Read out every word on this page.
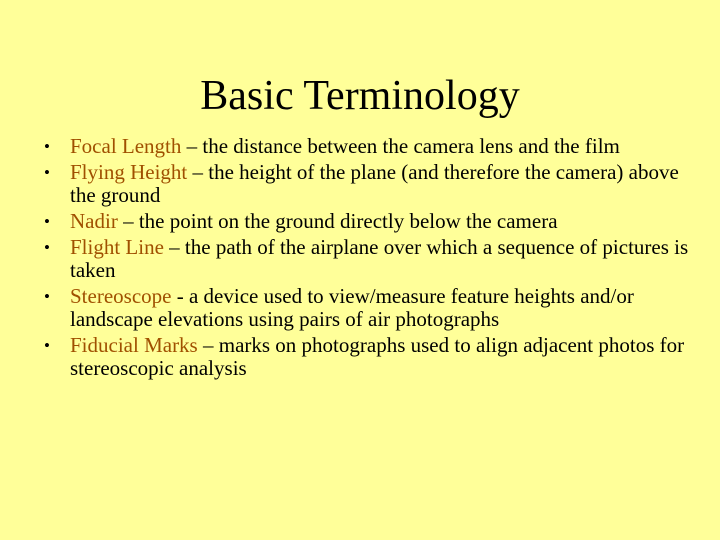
Basic Terminology
• Focal Length – the distance between the camera lens and the film
• Flying Height – the height of the plane (and therefore the camera) above the ground
• Nadir – the point on the ground directly below the camera
• Flight Line – the path of the airplane over which a sequence of pictures is taken
• Stereoscope - a device used to view/measure feature heights and/or landscape elevations using pairs of air photographs
• Fiducial Marks – marks on photographs used to align adjacent photos for stereoscopic analysis
